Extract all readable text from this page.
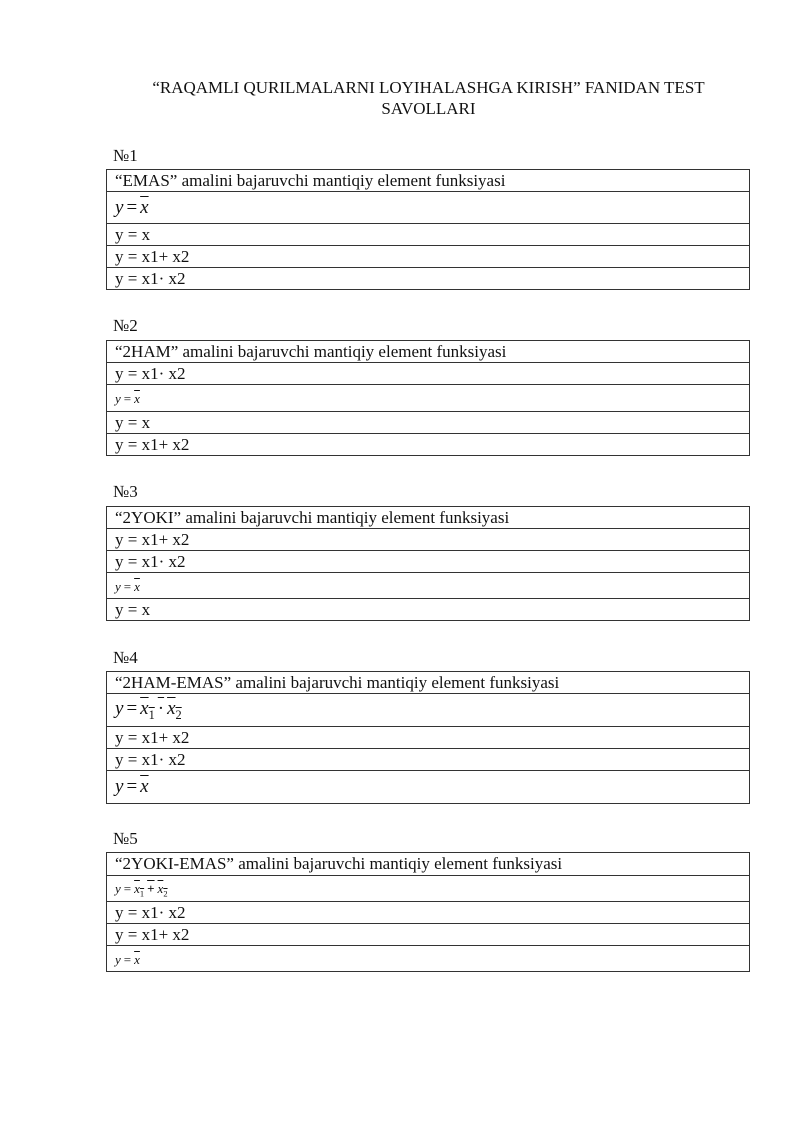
“RAQAMLI QURILMALARNI LOYIHALASHGA KIRISH” FANIDAN TEST
SAVOLLARI
№1
“EMAS” amalini bajaruvchi mantiqiy element funksiyasi
$y = \overline{x}$
y = x
y = x1+ x2
y = x1· x2
№2
“2HAM” amalini bajaruvchi mantiqiy element funksiyasi
y = x1· x2
$y = \overline{x}$
y = x
y = x1+ x2
№3
“2YOKI” amalini bajaruvchi mantiqiy element funksiyasi
y = x1+ x2
y = x1· x2
$y = \overline{x}$
y = x
№4
“2HAM-EMAS” amalini bajaruvchi mantiqiy element funksiyasi
$y = x_1 \cdot x_2$
y = x1+ x2
y = x1· x2
$y = \overline{x}$
№5
“2YOKI-EMAS” amalini bajaruvchi mantiqiy element funksiyasi
$y = x_1 + x_2$
y = x1· x2
y = x1+ x2
$y = \overline{x}$
